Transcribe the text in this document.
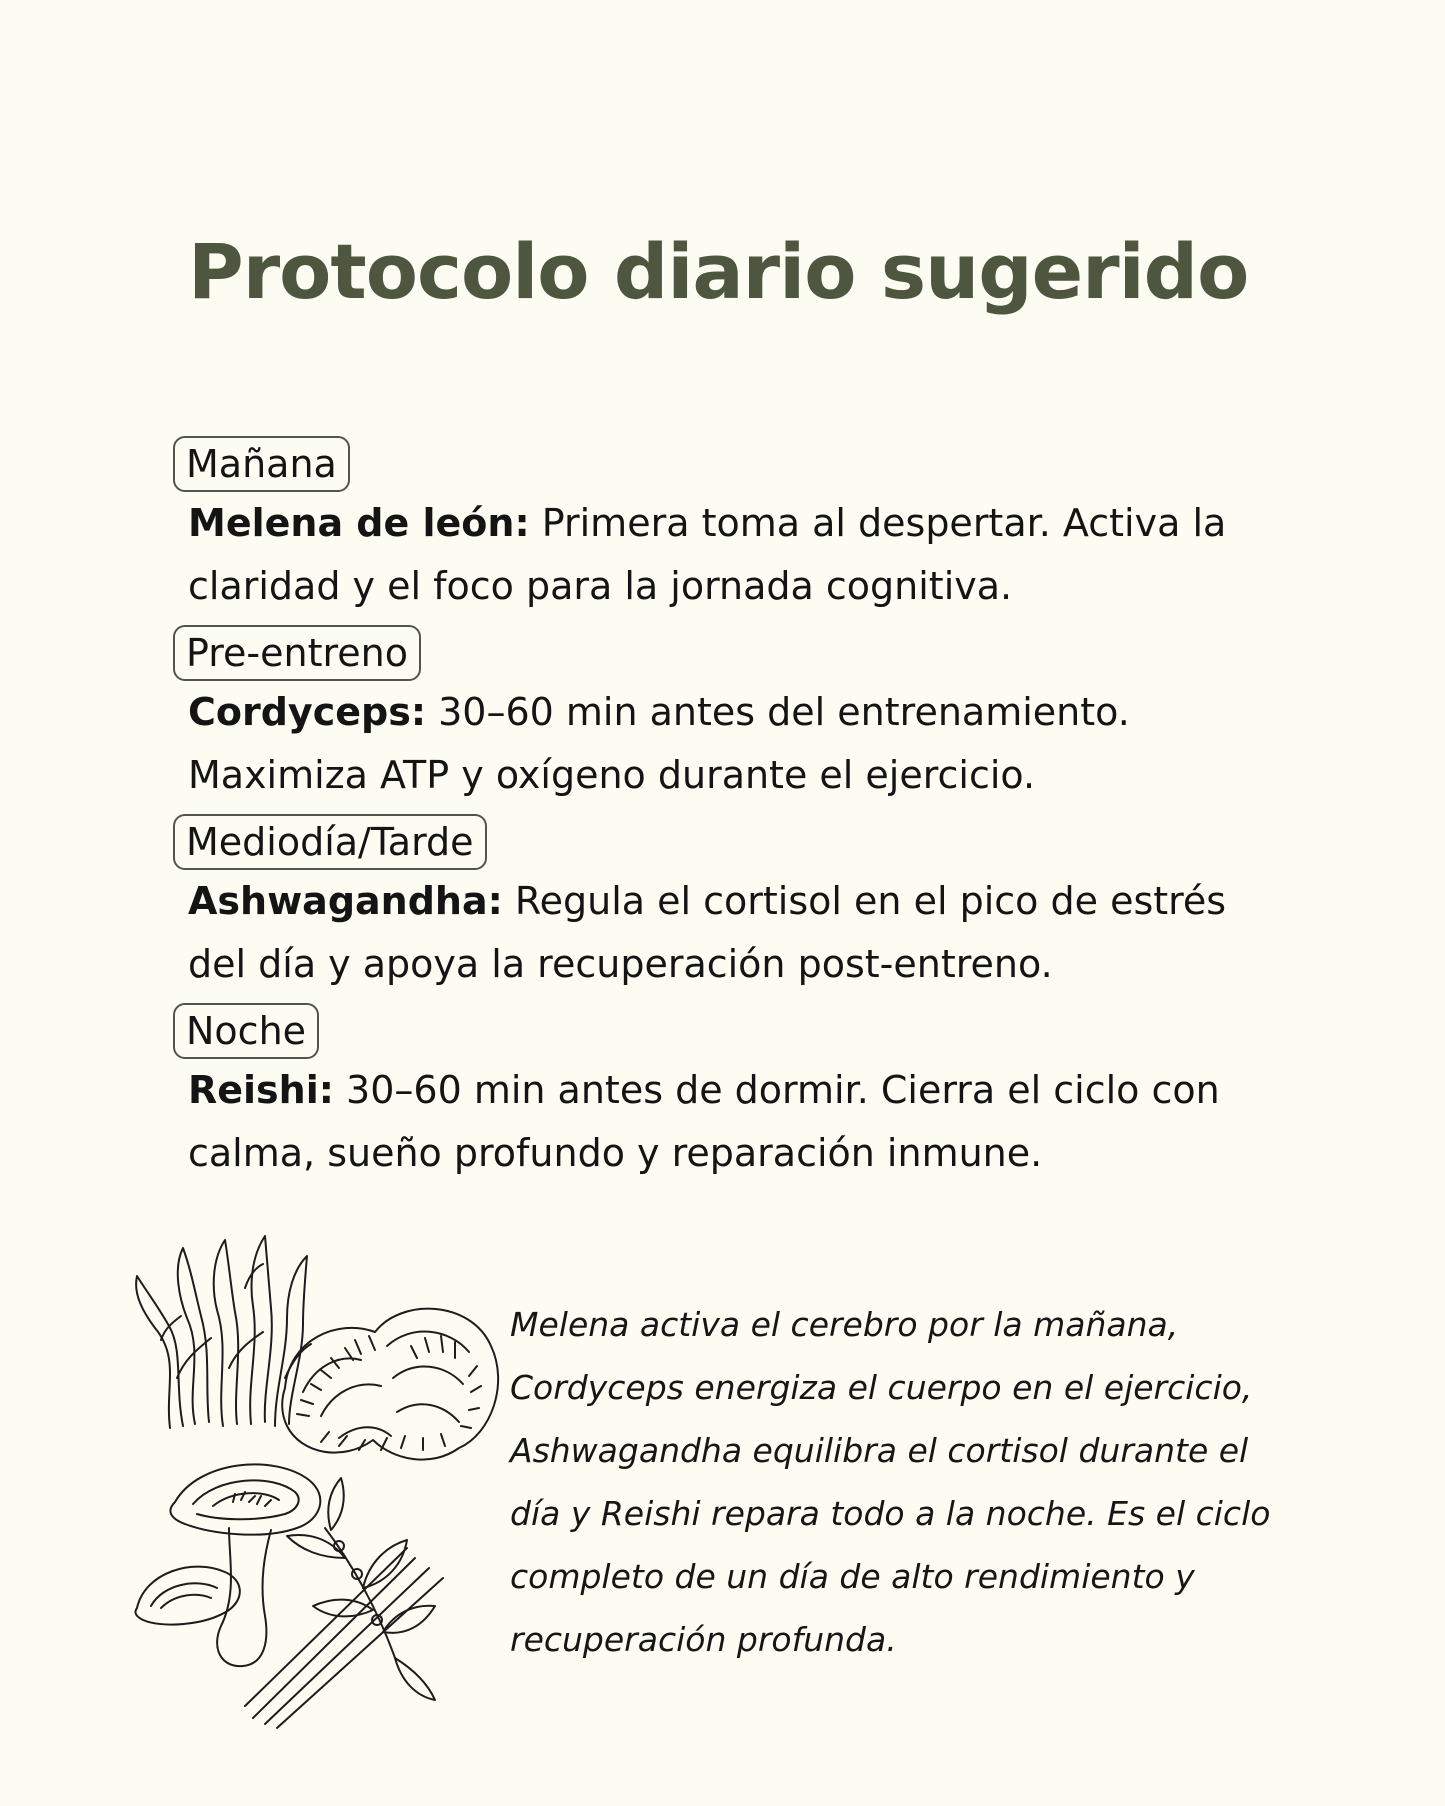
Protocolo diario sugerido
Mañana

Melena de león: Primera toma al despertar. Activa la claridad y el foco para la jornada cognitiva.

Pre-entreno

Cordyceps: 30–60 min antes del entrenamiento. Maximiza ATP y oxígeno durante el ejercicio.

Mediodía/Tarde

Ashwagandha: Regula el cortisol en el pico de estrés del día y apoya la recuperación post-entreno.

Noche

Reishi: 30–60 min antes de dormir. Cierra el ciclo con calma, sueño profundo y reparación inmune.

Melena activa el cerebro por la mañana, Cordyceps energiza el cuerpo en el ejercicio, Ashwagandha equilibra el cortisol durante el día y Reishi repara todo a la noche. Es el ciclo completo de un día de alto rendimiento y recuperación profunda.
